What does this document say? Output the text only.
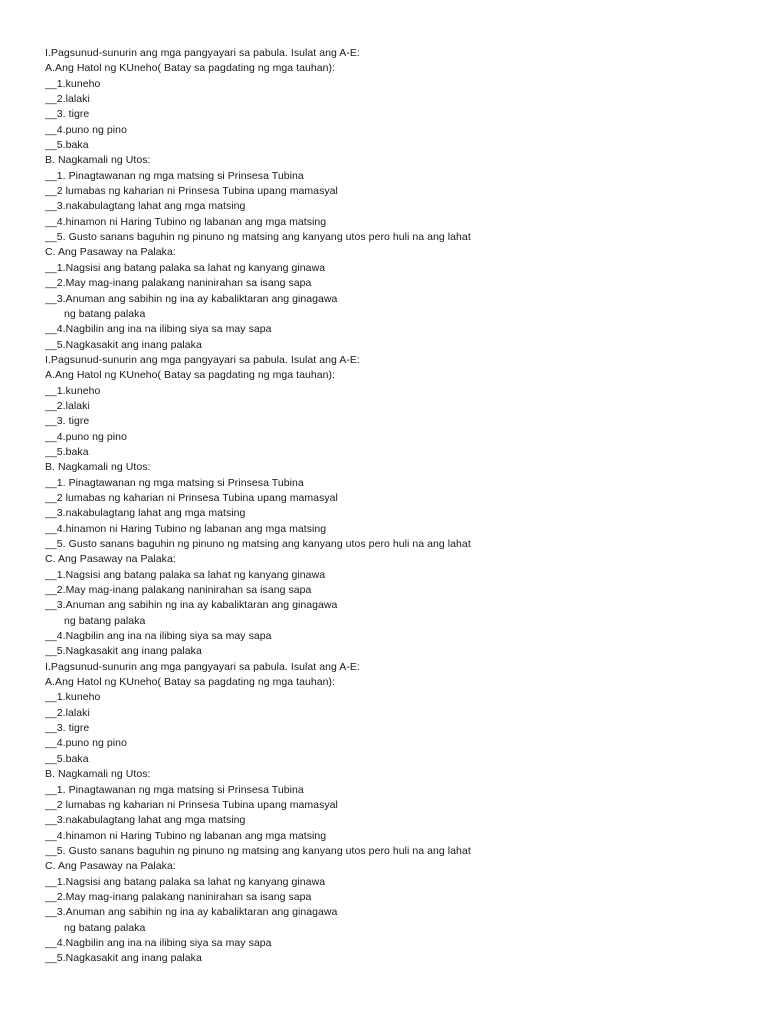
I.Pagsunud-sunurin ang mga pangyayari sa pabula. Isulat ang A-E:
A.Ang Hatol ng KUneho( Batay sa pagdating ng mga tauhan):
__1.kuneho
__2.lalaki
__3. tigre
__4.puno ng pino
__5.baka
B. Nagkamali ng Utos:
__1. Pinagtawanan ng mga matsing si Prinsesa Tubina
__2 lumabas ng kaharian ni Prinsesa Tubina upang mamasyal
__3.nakabulagtang lahat ang mga matsing
__4.hinamon ni Haring Tubino ng labanan ang mga matsing
__5. Gusto sanans baguhin ng pinuno ng matsing ang kanyang utos pero huli na ang lahat
C. Ang Pasaway na Palaka:
__1.Nagsisi ang batang palaka sa lahat ng kanyang ginawa
__2.May mag-inang palakang naninirahan sa isang sapa
__3.Anuman ang sabihin ng ina ay kabaliktaran ang ginagawa
ng batang palaka
__4.Nagbilin ang ina na ilibing siya sa may sapa
__5.Nagkasakit ang inang palaka
I.Pagsunud-sunurin ang mga pangyayari sa pabula. Isulat ang A-E:
A.Ang Hatol ng KUneho( Batay sa pagdating ng mga tauhan):
__1.kuneho
__2.lalaki
__3. tigre
__4.puno ng pino
__5.baka
B. Nagkamali ng Utos:
__1. Pinagtawanan ng mga matsing si Prinsesa Tubina
__2 lumabas ng kaharian ni Prinsesa Tubina upang mamasyal
__3.nakabulagtang lahat ang mga matsing
__4.hinamon ni Haring Tubino ng labanan ang mga matsing
__5. Gusto sanans baguhin ng pinuno ng matsing ang kanyang utos pero huli na ang lahat
C. Ang Pasaway na Palaka:
__1.Nagsisi ang batang palaka sa lahat ng kanyang ginawa
__2.May mag-inang palakang naninirahan sa isang sapa
__3.Anuman ang sabihin ng ina ay kabaliktaran ang ginagawa
ng batang palaka
__4.Nagbilin ang ina na ilibing siya sa may sapa
__5.Nagkasakit ang inang palaka
I.Pagsunud-sunurin ang mga pangyayari sa pabula. Isulat ang A-E:
A.Ang Hatol ng KUneho( Batay sa pagdating ng mga tauhan):
__1.kuneho
__2.lalaki
__3. tigre
__4.puno ng pino
__5.baka
B. Nagkamali ng Utos:
__1. Pinagtawanan ng mga matsing si Prinsesa Tubina
__2 lumabas ng kaharian ni Prinsesa Tubina upang mamasyal
__3.nakabulagtang lahat ang mga matsing
__4.hinamon ni Haring Tubino ng labanan ang mga matsing
__5. Gusto sanans baguhin ng pinuno ng matsing ang kanyang utos pero huli na ang lahat
C. Ang Pasaway na Palaka:
__1.Nagsisi ang batang palaka sa lahat ng kanyang ginawa
__2.May mag-inang palakang naninirahan sa isang sapa
__3.Anuman ang sabihin ng ina ay kabaliktaran ang ginagawa
ng batang palaka
__4.Nagbilin ang ina na ilibing siya sa may sapa
__5.Nagkasakit ang inang palaka
